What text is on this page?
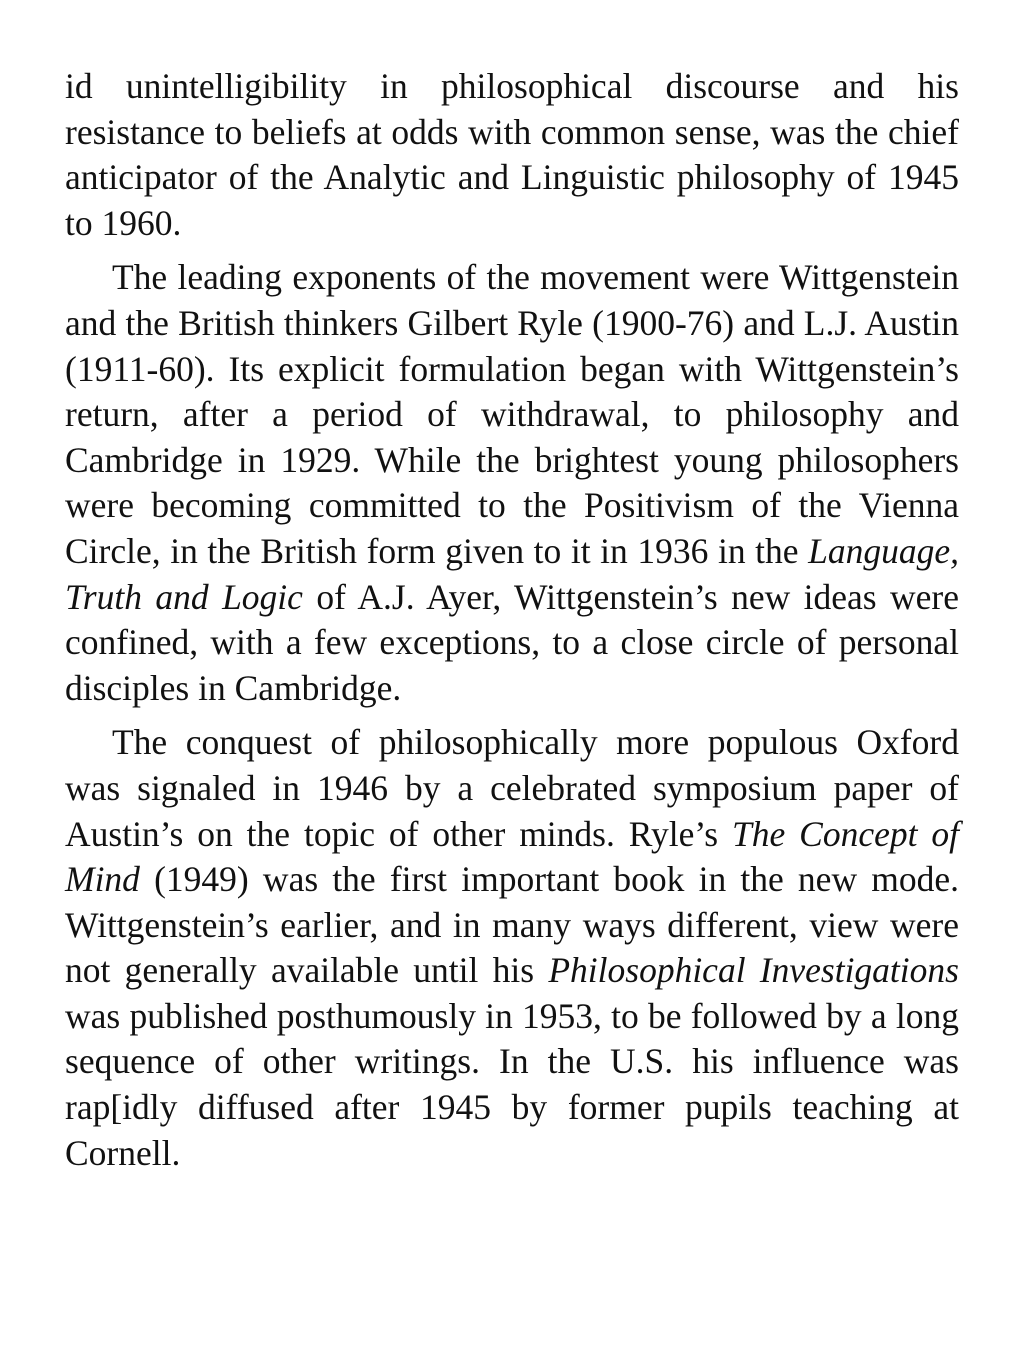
id unintelligibility in philosophical discourse and his resistance to beliefs at odds with common sense, was the chief anticipator of the Analytic and Linguistic philosophy of 1945 to 1960.

The leading exponents of the movement were Wittgenstein and the British thinkers Gilbert Ryle (1900-76) and L.J. Austin (1911-60). Its explicit formulation began with Wittgenstein’s return, after a period of withdrawal, to philosophy and Cambridge in 1929. While the brightest young philosophers were becoming committed to the Positivism of the Vienna Circle, in the British form given to it in 1936 in the Language, Truth and Logic of A.J. Ayer, Wittgenstein’s new ideas were confined, with a few exceptions, to a close circle of personal disciples in Cambridge.

The conquest of philosophically more populous Oxford was signaled in 1946 by a celebrated symposium paper of Austin’s on the topic of other minds. Ryle’s The Concept of Mind (1949) was the first important book in the new mode. Wittgenstein’s earlier, and in many ways different, view were not generally available until his Philosophical Investigations was published posthumously in 1953, to be followed by a long sequence of other writings. In the U.S. his influence was rap[idly diffused after 1945 by former pupils teaching at Cornell.
